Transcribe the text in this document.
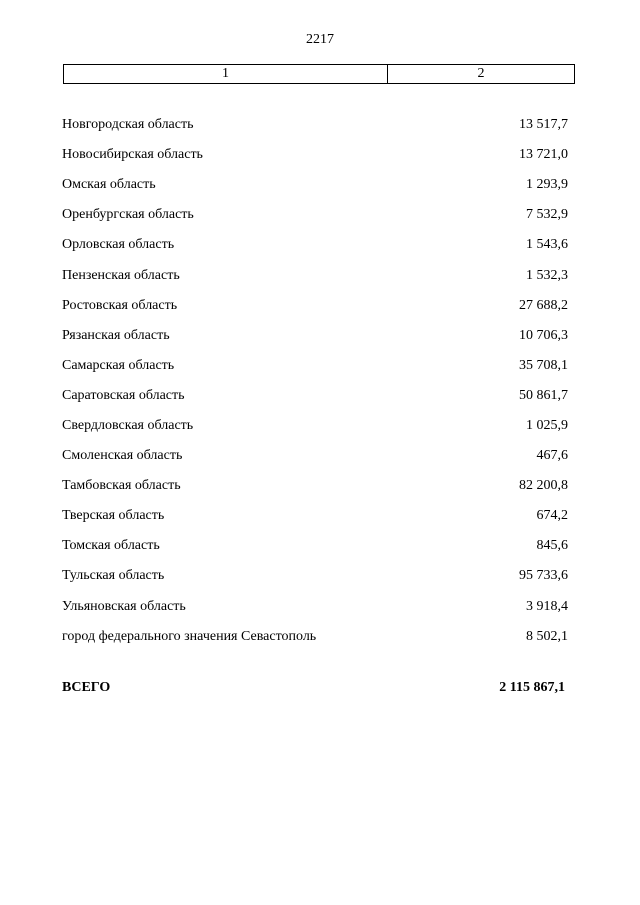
2217
1	2
Новгородская область	13 517,7
Новосибирская область	13 721,0
Омская область	1 293,9
Оренбургская область	7 532,9
Орловская область	1 543,6
Пензенская область	1 532,3
Ростовская область	27 688,2
Рязанская область	10 706,3
Самарская область	35 708,1
Саратовская область	50 861,7
Свердловская область	1 025,9
Смоленская область	467,6
Тамбовская область	82 200,8
Тверская область	674,2
Томская область	845,6
Тульская область	95 733,6
Ульяновская область	3 918,4
город федерального значения Севастополь	8 502,1
ВСЕГО	2 115 867,1
